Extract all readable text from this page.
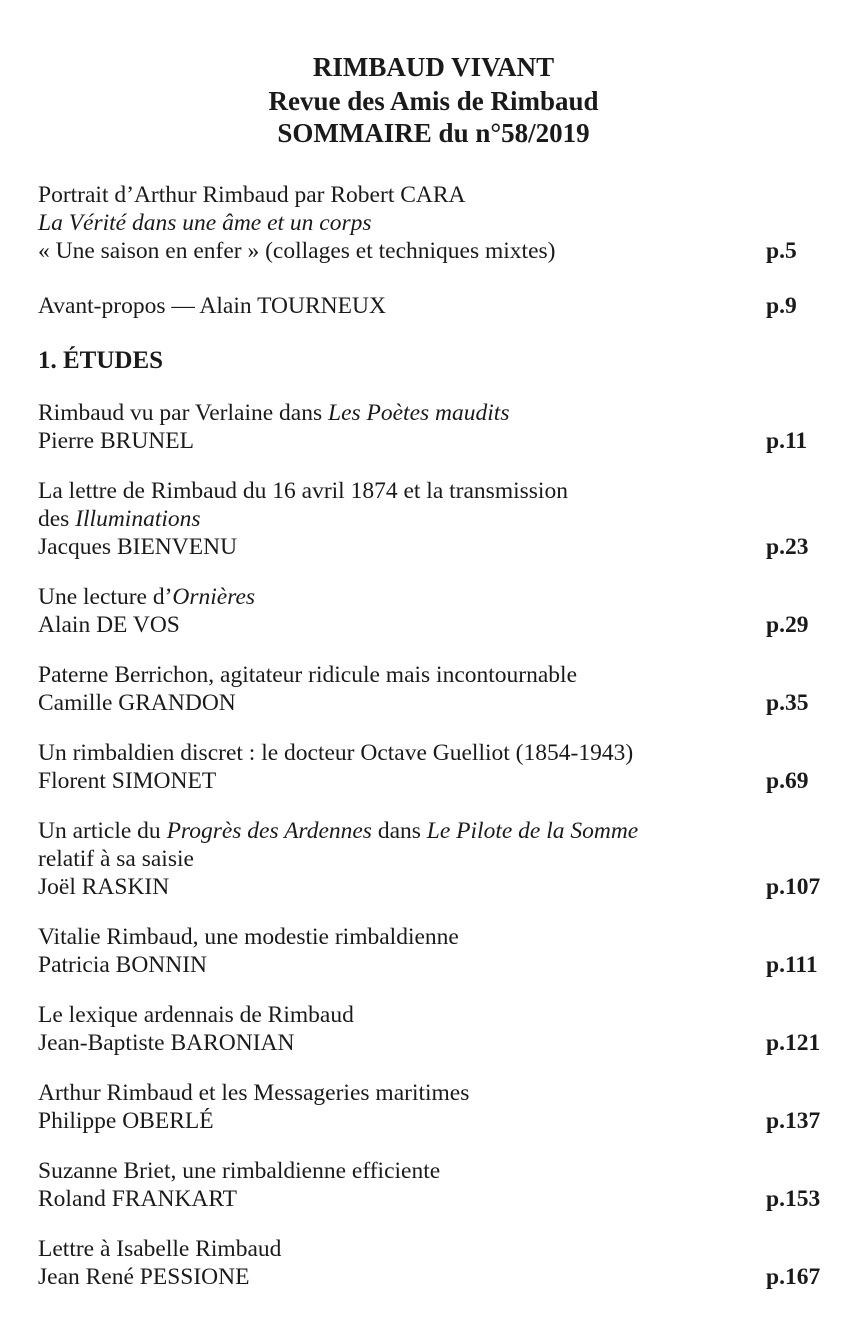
RIMBAUD VIVANT
Revue des Amis de Rimbaud
SOMMAIRE du n°58/2019
Portrait d’Arthur Rimbaud par Robert CARA
La Vérité dans une âme et un corps
« Une saison en enfer » (collages et techniques mixtes)	p.5
Avant-propos — Alain TOURNEUX	p.9
1. ÉTUDES
Rimbaud vu par Verlaine dans Les Poètes maudits
Pierre BRUNEL	p.11
La lettre de Rimbaud du 16 avril 1874 et la transmission
des Illuminations
Jacques BIENVENU	p.23
Une lecture d’Ornières
Alain DE VOS	p.29
Paterne Berrichon, agitateur ridicule mais incontournable
Camille GRANDON	p.35
Un rimbaldien discret : le docteur Octave Guelliot (1854-1943)
Florent SIMONET	p.69
Un article du Progrès des Ardennes dans Le Pilote de la Somme
relatif à sa saisie
Joël RASKIN	p.107
Vitalie Rimbaud, une modestie rimbaldienne
Patricia BONNIN	p.111
Le lexique ardennais de Rimbaud
Jean-Baptiste BARONIAN	p.121
Arthur Rimbaud et les Messageries maritimes
Philippe OBERLÉ	p.137
Suzanne Briet, une rimbaldienne efficiente
Roland FRANKART	p.153
Lettre à Isabelle Rimbaud
Jean René PESSIONE	p.167
